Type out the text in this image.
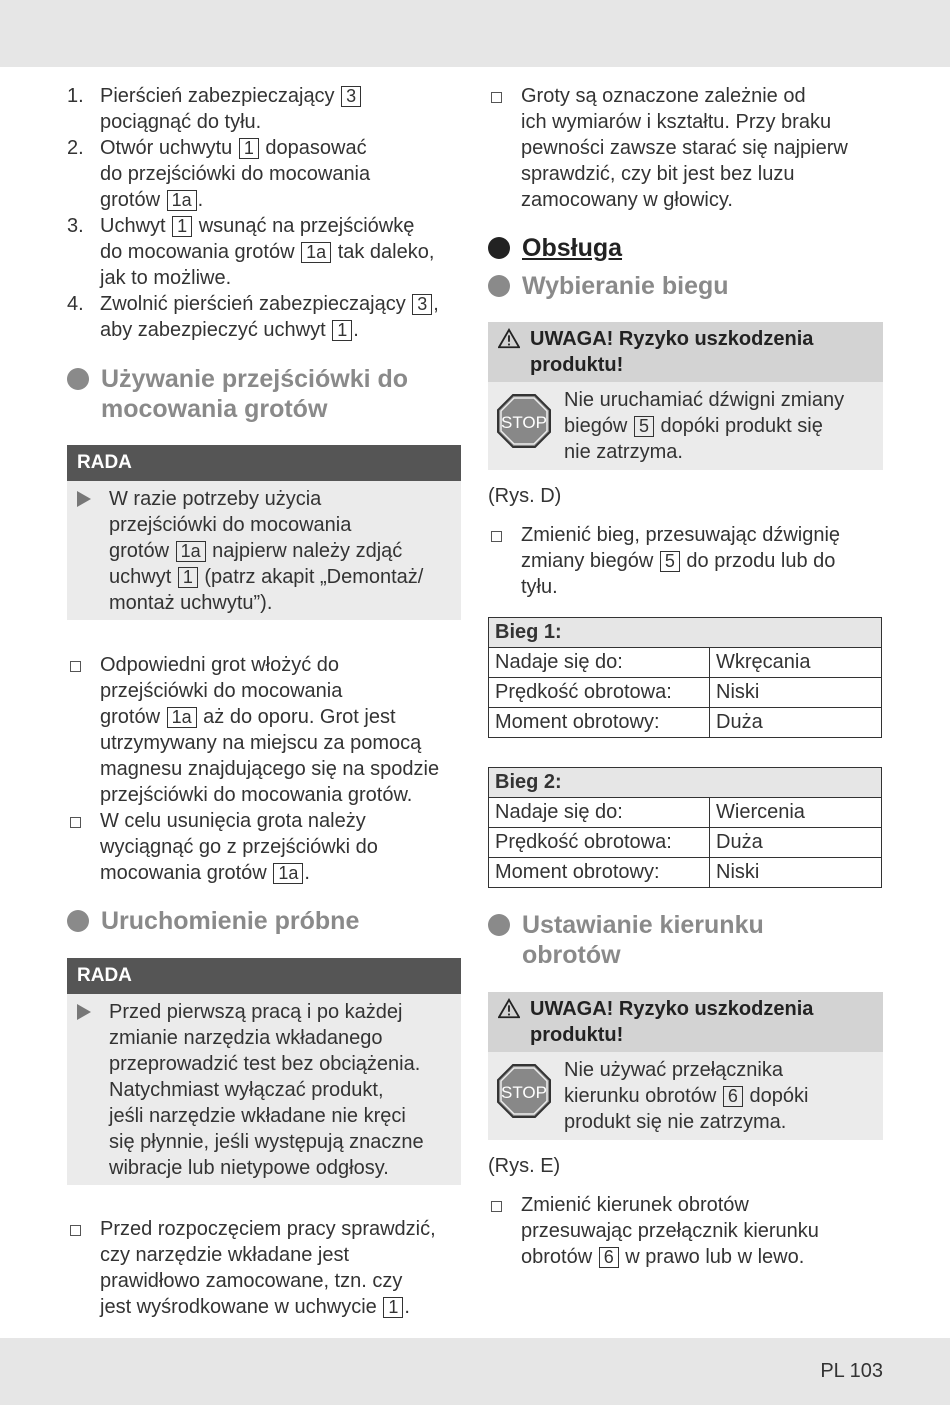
1. Pierścień zabezpieczający 3
pociągnąć do tyłu.
2. Otwór uchwytu 1 dopasować
do przejściówki do mocowania
grotów 1a .
3. Uchwyt 1 wsunąć na przejściówkę
do mocowania grotów 1a tak daleko,
jak to możliwe.
4. Zwolnić pierścień zabezpieczający 3 ,
aby zabezpieczyć uchwyt 1 .
Używanie przejściówki do
mocowania grotów
RADA
W razie potrzeby użycia
przejściówki do mocowania
grotów 1a najpierw należy zdjąć
uchwyt 1 (patrz akapit „Demontaż/
montaż uchwytu”).
Odpowiedni grot włożyć do
przejściówki do mocowania
grotów 1a aż do oporu. Grot jest
utrzymywany na miejscu za pomocą
magnesu znajdującego się na spodzie
przejściówki do mocowania grotów.
W celu usunięcia grota należy
wyciągnąć go z przejściówki do
mocowania grotów 1a .
Uruchomienie próbne
RADA
Przed pierwszą pracą i po każdej
zmianie narzędzia wkładanego
przeprowadzić test bez obciążenia.
Natychmiast wyłączać produkt,
jeśli narzędzie wkładane nie kręci
się płynnie, jeśli występują znaczne
wibracje lub nietypowe odgłosy.
Przed rozpoczęciem pracy sprawdzić,
czy narzędzie wkładane jest
prawidłowo zamocowane, tzn. czy
jest wyśrodkowane w uchwycie 1 .
Groty są oznaczone zależnie od
ich wymiarów i kształtu. Przy braku
pewności zawsze starać się najpierw
sprawdzić, czy bit jest bez luzu
zamocowany w głowicy.
Obsługa
Wybieranie biegu
UWAGA! Ryzyko uszkodzenia
produktu!
STOP
Nie uruchamiać dźwigni zmiany
biegów 5 dopóki produkt się
nie zatrzyma.
(Rys. D)
Zmienić bieg, przesuwając dźwignię
zmiany biegów 5 do przodu lub do
tyłu.
Bieg 1:	
Nadaje się do:	Wkręcania
Prędkość obrotowa:	Niski
Moment obrotowy:	Duża
Bieg 2:	
Nadaje się do:	Wiercenia
Prędkość obrotowa:	Duża
Moment obrotowy:	Niski
Ustawianie kierunku
obrotów
UWAGA! Ryzyko uszkodzenia
produktu!
STOP
Nie używać przełącznika
kierunku obrotów 6 dopóki
produkt się nie zatrzyma.
(Rys. E)
Zmienić kierunek obrotów
przesuwając przełącznik kierunku
obrotów 6 w prawo lub w lewo.
PL 103
